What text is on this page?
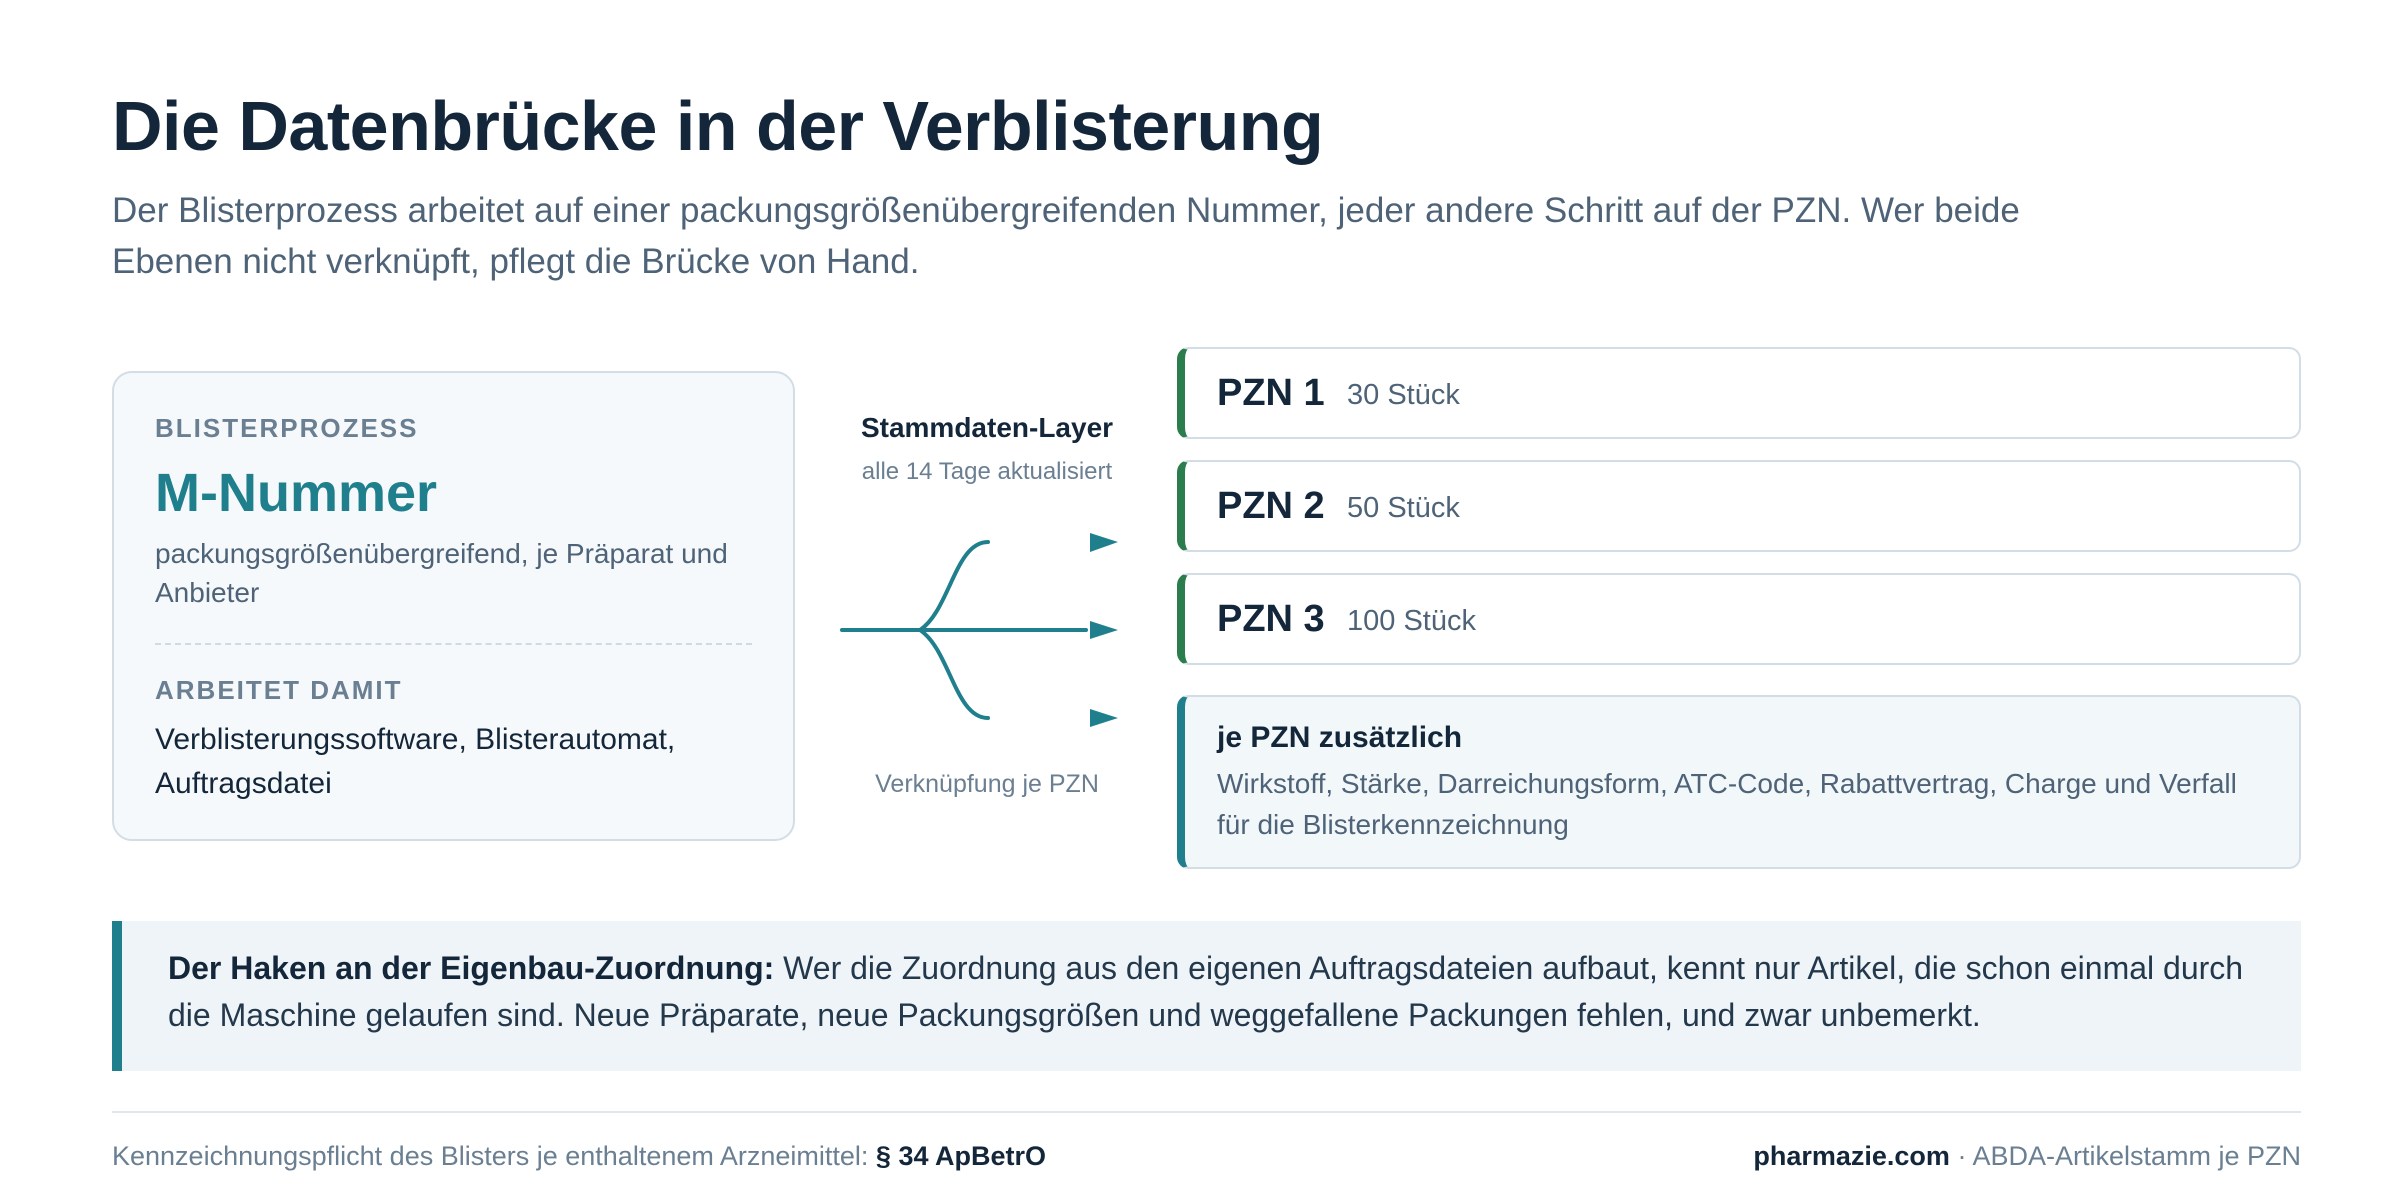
Die Datenbrücke in der Verblisterung

Der Blisterprozess arbeitet auf einer packungsgrößenübergreifenden Nummer, jeder andere Schritt auf der PZN. Wer beide Ebenen nicht verknüpft, pflegt die Brücke von Hand.

BLISTERPROZESS
M-Nummer
packungsgrößenübergreifend, je Präparat und Anbieter
ARBEITET DAMIT
Verblisterungssoftware, Blisterautomat, Auftragsdatei
Stammdaten-Layer
alle 14 Tage aktualisiert
Verknüpfung je PZN
PZN 1 30 Stück
PZN 2 50 Stück
PZN 3 100 Stück
je PZN zusätzlich
Wirkstoff, Stärke, Darreichungsform, ATC-Code, Rabattvertrag, Charge und Verfall für die Blisterkennzeichnung
Der Haken an der Eigenbau-Zuordnung: Wer die Zuordnung aus den eigenen Auftragsdateien aufbaut, kennt nur Artikel, die schon einmal durch die Maschine gelaufen sind. Neue Präparate, neue Packungsgrößen und weggefallene Packungen fehlen, und zwar unbemerkt.
Kennzeichnungspflicht des Blisters je enthaltenem Arzneimittel: § 34 ApBetrO	pharmazie.com · ABDA-Artikelstamm je PZN
